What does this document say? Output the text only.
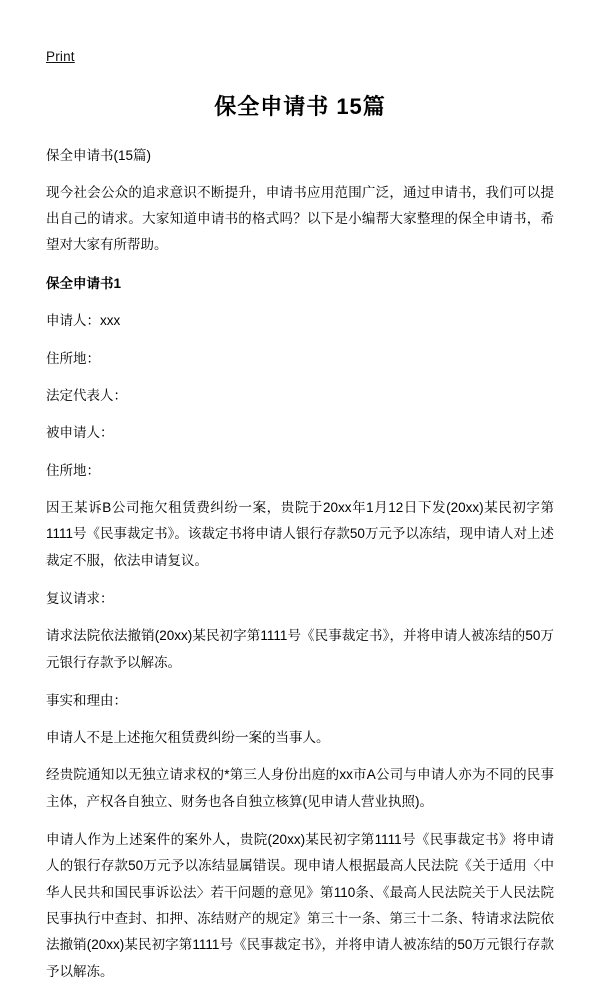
Print
保全申请书 15篇

保全申请书(15篇)

现今社会公众的追求意识不断提升，申请书应用范围广泛，通过申请书，我们可以提出自己的请求。大家知道申请书的格式吗？以下是小编帮大家整理的保全申请书，希望对大家有所帮助。

保全申请书1

申请人：xxx

住所地：

法定代表人：

被申请人：

住所地：

因王某诉B公司拖欠租赁费纠纷一案，贵院于20xx年1月12日下发(20xx)某民初字第1111号《民事裁定书》。该裁定书将申请人银行存款50万元予以冻结，现申请人对上述裁定不服，依法申请复议。

复议请求：

请求法院依法撤销(20xx)某民初字第1111号《民事裁定书》，并将申请人被冻结的50万元银行存款予以解冻。

事实和理由：

申请人不是上述拖欠租赁费纠纷一案的当事人。

经贵院通知以无独立请求权的*第三人身份出庭的xx市A公司与申请人亦为不同的民事主体，产权各自独立、财务也各自独立核算(见申请人营业执照)。

申请人作为上述案件的案外人，贵院(20xx)某民初字第1111号《民事裁定书》将申请人的银行存款50万元予以冻结显属错误。现申请人根据最高人民法院《关于适用〈中华人民共和国民事诉讼法〉若干问题的意见》第110条、《最高人民法院关于人民法院民事执行中查封、扣押、冻结财产的规定》第三十一条、第三十二条、特请求法院依法撤销(20xx)某民初字第1111号《民事裁定书》，并将申请人被冻结的50万元银行存款予以解冻。
